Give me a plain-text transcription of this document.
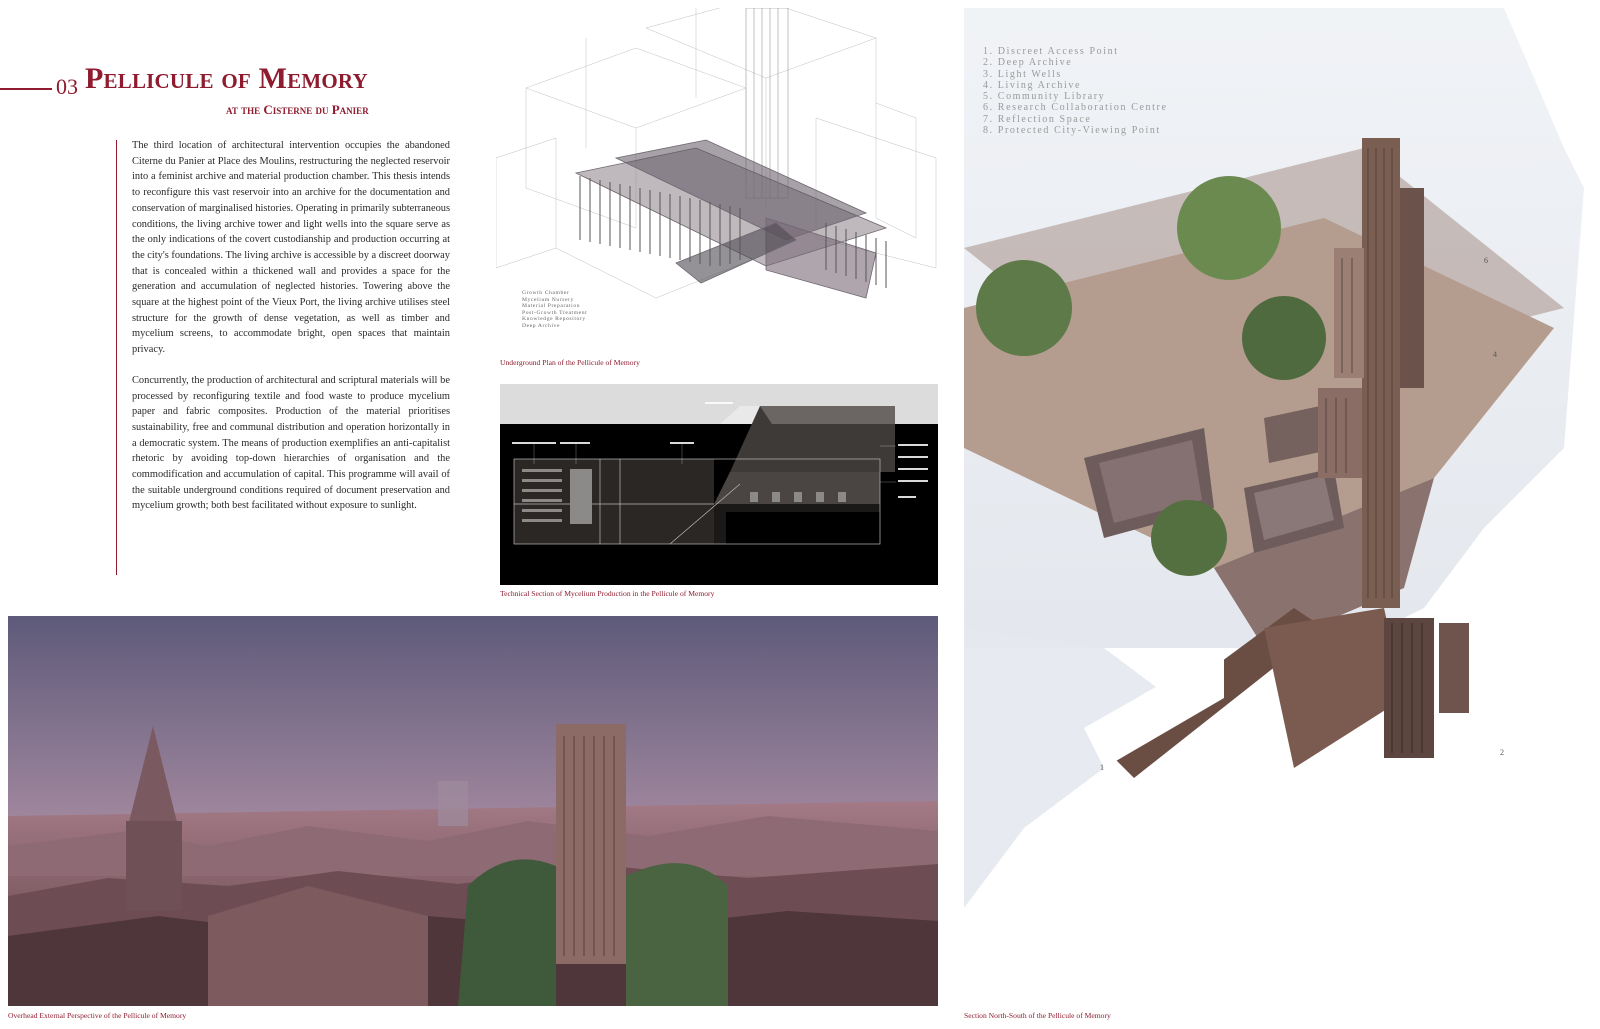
03 Pellicule of Memory
at the Cisterne du Panier

The third location of architectural intervention occupies the abandoned Citerne du Panier at Place des Moulins, restructuring the neglected reservoir into a feminist archive and material production chamber. This thesis intends to reconfigure this vast reservoir into an archive for the documentation and conservation of marginalised histories. Operating in primarily subterraneous conditions, the living archive tower and light wells into the square serve as the only indications of the covert custodianship and production occurring at the city's foundations. The living archive is accessible by a discreet doorway that is concealed within a thickened wall and provides a space for the generation and accumulation of neglected histories. Towering above the square at the highest point of the Vieux Port, the living archive utilises steel structure for the growth of dense vegetation, as well as timber and mycelium screens, to accommodate bright, open spaces that maintain privacy.

Concurrently, the production of architectural and scriptural materials will be processed by reconfiguring textile and food waste to produce mycelium paper and fabric composites. Production of the material prioritises sustainability, free and communal distribution and operation horizontally in a democratic system. The means of production exemplifies an anti-capitalist rhetoric by avoiding top-down hierarchies of organisation and the commodification and accumulation of capital. This programme will avail of the suitable underground conditions required of document preservation and mycelium growth; both best facilitated without exposure to sunlight.

Growth Chamber
Mycelium Nursery
Material Preparation
Post-Growth Treatment
Knowledge Repository
Deep Archive
Underground Plan of the Pellicule of Memory
Technical Section of Mycelium Production in the Pellicule of Memory
Overhead External Perspective of the Pellicule of Memory
1. Discreet Access Point
2. Deep Archive
3. Light Wells
4. Living Archive
5. Community Library
6. Research Collaboration Centre
7. Reflection Space
8. Protected City-Viewing Point
1
2
4
6
Section North-South of the Pellicule of Memory
